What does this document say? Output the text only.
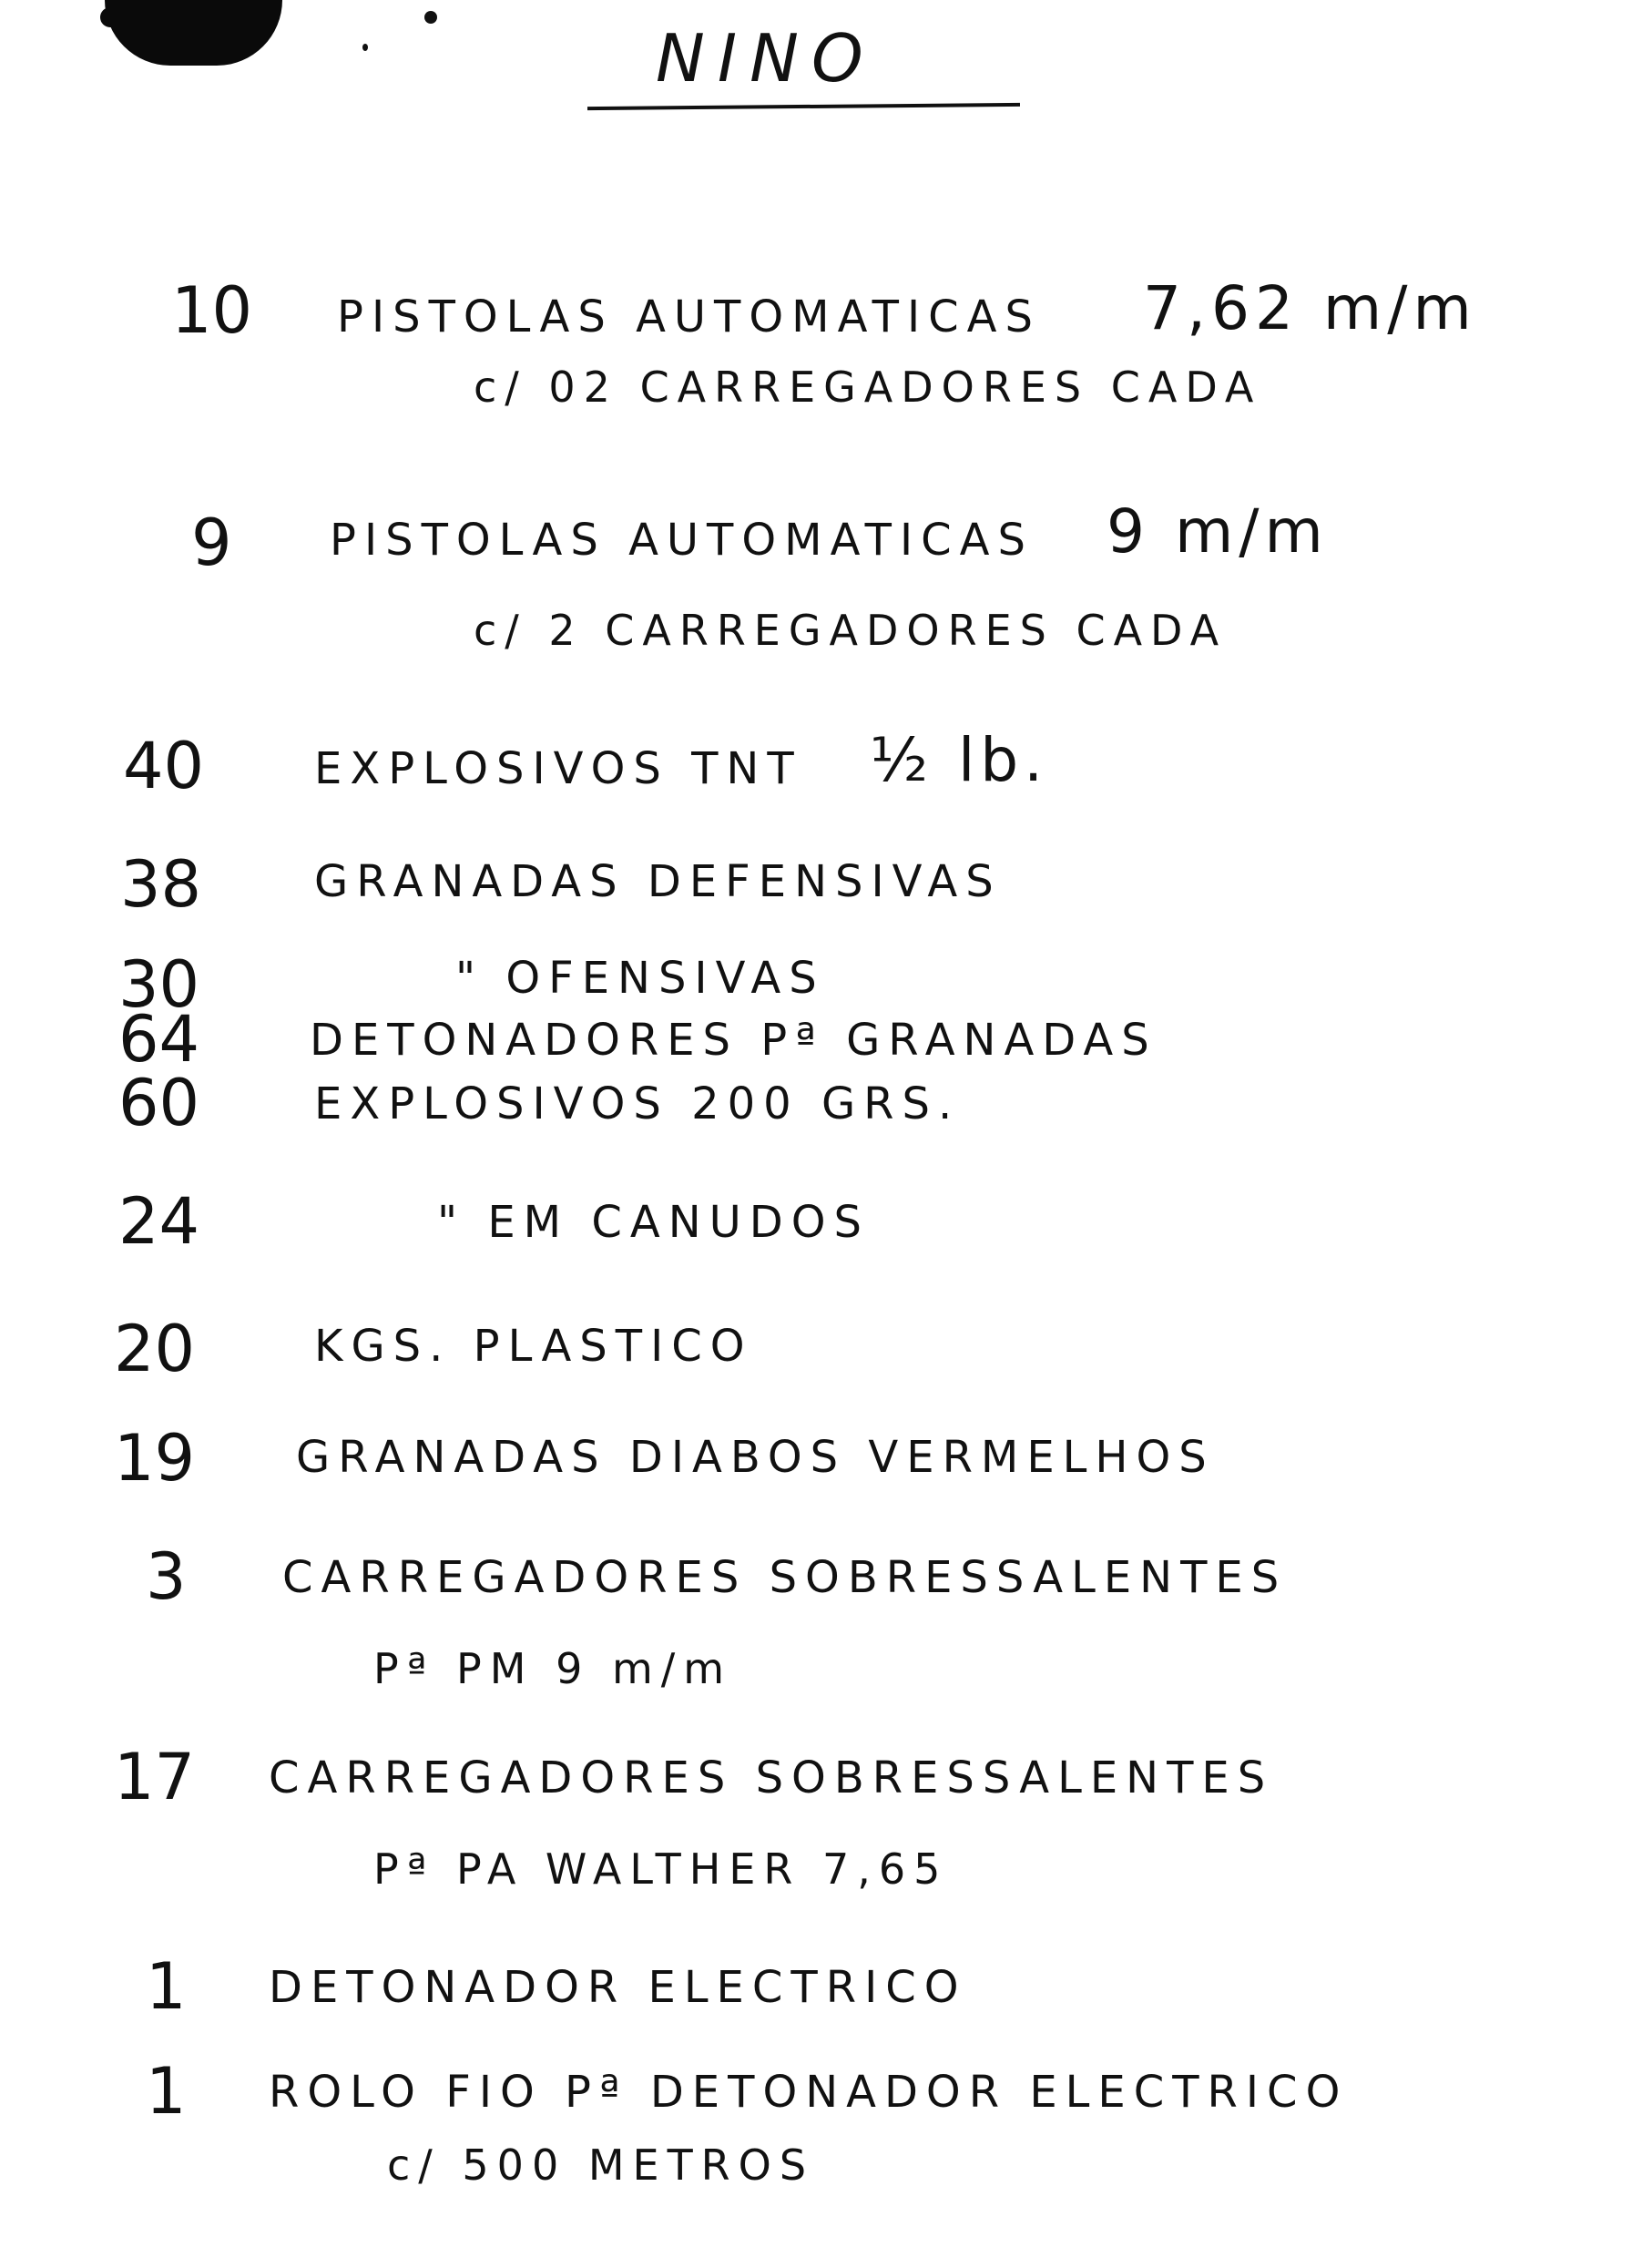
NINO
10 PISTOLAS AUTOMATICAS 7,62 m/m
c/ 02 CARREGADORES CADA
9 PISTOLAS AUTOMATICAS 9 m/m
c/ 2 CARREGADORES CADA
40	EXPLOSIVOS TNT ½ lb.
38	GRANADAS DEFENSIVAS
30	" OFENSIVAS
64	DETONADORES Pª GRANADAS
60	EXPLOSIVOS 200 GRS.
24	" EM CANUDOS
20	KGS. PLASTICO
19 GRANADAS DIABOS VERMELHOS
3 CARREGADORES SOBRESSALENTES
Pª PM 9 m/m
17 CARREGADORES SOBRESSALENTES
Pª PA WALTHER 7,65
1 DETONADOR ELECTRICO
1 ROLO FIO Pª DETONADOR ELECTRICO
c/ 500 METROS
